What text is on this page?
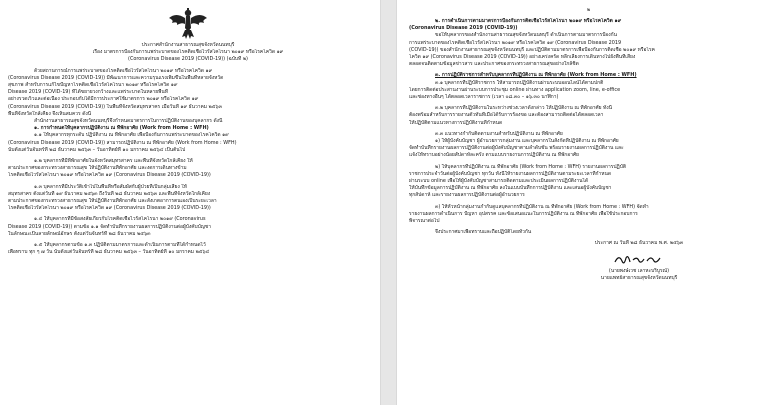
ประกาศสำนักงานสาธารณสุขจังหวัดนนทบุรี

เรื่อง มาตรการป้องกันการแพร่ระบาดของโรคติดเชื้อไวรัสโคโรนา ๒๐๑๙ หรือโรคโควิด ๑๙

(Coronavirus Disease 2019 (COVID-19)) (ฉบับที่ ๒)

ด้วยสถานการณ์การแพร่ระบาดของโรคติดเชื้อไวรัสโคโรนา ๒๐๑๙ หรือโรคโควิด ๑๙

(Coronavirus Disease 2019 (COVID-19)) มีพัฒนาการและความรุนแรงเพิ่มขึ้นในพื้นที่หลายจังหวัด

สุขภาพ สำหรับการแก้ไขปัญหาโรคติดเชื้อไวรัสโคโรนา ๒๐๑๙ หรือโรคโควิด ๑๙

Disease 2019 (COVID-19) ที่ได้ขยายวงกว้างและแพร่ระบาดในหลายพื้นที่

อย่างรวดเร็วและต่อเนื่อง ประกอบกับได้มีการประกาศใช้มาตรการ ๒๐๑๙ หรือโรคโควิด ๑๙

(Coronavirus Disease 2019 (COVID-19)) ในพื้นที่จังหวัดสมุทรสาคร เมื่อวันที่ ๑๙ ธันวาคม ๒๕๖๓

พื้นที่จังหวัดใกล้เคียง จึงเห็นสมควร ดังนี้

สำนักงานสาธารณสุขจังหวัดนนทบุรีจึงกำหนดมาตรการในการปฏิบัติงานของบุคลากร ดังนี้

๑. การกำหนดให้บุคลากรปฏิบัติงาน ณ ที่พักอาศัย (Work from Home : WFH)

๑.๑ ให้บุคลากรทุกระดับ ปฏิบัติงาน ณ ที่พักอาศัย เพื่อป้องกันการแพร่ระบาดของโรคโควิด ๑๙

(Coronavirus Disease 2019 (COVID-19)) สามารถปฏิบัติงาน ณ ที่พักอาศัย (Work from Home : WFH)

นับตั้งแต่วันจันทร์ที่ ๒๘ ธันวาคม ๒๕๖๓ – วันอาทิตย์ที่ ๑๐ มกราคม ๒๕๖๔ เป็นต้นไป

๑.๒ บุคลากรที่มีที่พักอาศัยในจังหวัดสมุทรสาคร และพื้นที่จังหวัดใกล้เคียง ให้

ตามประกาศของกระทรวงสาธารณสุข ให้ปฏิบัติงานที่พักอาศัย และงดการเดินทางข้าม

โรคติดเชื้อไวรัสโคโรนา ๒๐๑๙ หรือโรคโควิด ๑๙ (Coronavirus Disease 2019 (COVID-19))

๑.๓ บุคลากรที่มีประวัติเข้าไปในพื้นที่หรือสัมผัสกับผู้ป่วยที่เป็นกลุ่มเสี่ยง ให้

สมุทรสาคร ตั้งแต่วันที่ ๑๙ ธันวาคม ๒๕๖๓ ถึงวันที่ ๒๘ ธันวาคม ๒๕๖๓ และพื้นที่จังหวัดใกล้เคียง

ตามประกาศของกระทรวงสาธารณสุข ให้ปฏิบัติงานที่พักอาศัย และสังเกตอาการตนเองเป็นระยะเวลา

โรคติดเชื้อไวรัสโคโรนา ๒๐๑๙ หรือโรคโควิด ๑๙ (Coronavirus Disease 2019 (COVID-19))

๑.๔ ให้บุคลากรที่มีข้อสงสัยเกี่ยวกับโรคติดเชื้อไวรัสโคโรนา ๒๐๑๙ (Coronavirus

Disease 2019 (COVID-19)) ตามข้อ ๑.๑ จัดทำบันทึกรายงานผลการปฏิบัติงานต่อผู้บังคับบัญชา

ในลักษณะเป็นลายลักษณ์อักษร ตั้งแต่วันจันทร์ที่ ๒๘ ธันวาคม ๒๕๖๓

๑.๕ ให้บุคลากรตามข้อ ๑.๓ ปฏิบัติตามมาตรการและดำเนินการตามที่ได้กำหนดไว้

เพื่อทราบ ทุก ๆ ๗ วัน นับตั้งแต่วันจันทร์ที่ ๒๘ ธันวาคม ๒๕๖๓ – วันอาทิตย์ที่ ๑๐ มกราคม ๒๕๖๔

๒

๒. การดำเนินการตามมาตรการป้องกันการติดเชื้อไวรัสโคโรนา ๒๐๑๙ หรือโรคโควิด ๑๙

(Coronavirus Disease 2019 (COVID-19))

ขอให้บุคลากรของสำนักงานสาธารณสุขจังหวัดนนทบุรี ดำเนินการตามมาตรการป้องกัน

การแพร่ระบาดของโรคติดเชื้อไวรัสโคโรนา ๒๐๑๙ หรือโรคโควิด ๑๙ (Coronavirus Disease 2019

(COVID-19)) ของสำนักงานสาธารณสุขจังหวัดนนทบุรี และปฏิบัติตามมาตรการเพื่อป้องกันการติดเชื้อ ๒๐๑๙ หรือโรค

โควิด ๑๙ (Coronavirus Disease 2019 (COVID-19)) อย่างเคร่งครัด หลีกเลี่ยงการเดินทางไปยังพื้นที่เสี่ยง

ตลอดจนติดตามข้อมูลข่าวสาร และประกาศของกระทรวงสาธารณสุขอย่างใกล้ชิด

๓. การปฏิบัติราชการสำหรับบุคลากรที่ปฏิบัติงาน ณ ที่พักอาศัย (Work from Home : WFH)

๓.๑ บุคลากรที่ปฏิบัติราชการ ให้สามารถปฏิบัติงานผ่านระบบออนไลน์ได้ตามปกติ

โดยการติดต่อประสานงานผ่านระบบการประชุม online ผ่านทาง application zoom, line, e-office

และช่องทางอื่นๆ ได้ตลอดเวลาราชการ (เวลา ๐๘.๓๐ – ๑๖.๓๐ นาฬิกา)

๓.๒ บุคลากรที่ปฏิบัติงานในระหว่างช่วงเวลาดังกล่าว ให้ปฏิบัติงาน ณ ที่พักอาศัย ทั้งนี้

ต้องพร้อมสำหรับการรายงานตัวทันทีเมื่อได้รับการร้องขอ และต้องสามารถติดต่อได้ตลอดเวลา

ให้ปฏิบัติตามแนวทางการปฏิบัติงานที่กำหนด

๓.๓ แนวทางกำกับติดตามงานสำหรับปฏิบัติงาน ณ ที่พักอาศัย

๑) ให้ผู้บังคับบัญชา ผู้อำนวยการกลุ่มงาน และบุคลากรในสังกัดที่ปฏิบัติงาน ณ ที่พักอาศัย

จัดทำบันทึกรายงานผลการปฏิบัติงานต่อผู้บังคับบัญชาตามลำดับชั้น พร้อมรายงานผลการปฏิบัติงาน และ

แจ้งให้ทราบอย่างน้อยสัปดาห์ละครั้ง ตามแบบรายงานการปฏิบัติงาน ณ ที่พักอาศัย

๒) ให้บุคลากรที่ปฏิบัติงาน ณ ที่พักอาศัย (Work from Home : WFH) รายงานผลการปฏิบัติ

ราชการประจำวันต่อผู้บังคับบัญชา ทุกวัน ทั้งนี้ให้รายงานผลการปฏิบัติงานตามระยะเวลาที่กำหนด

ผ่านระบบ online เพื่อให้ผู้บังคับบัญชาสามารถติดตามและประเมินผลการปฏิบัติงานได้

ให้บันทึกข้อมูลการปฏิบัติงาน ณ ที่พักอาศัย ลงในแบบบันทึกการปฏิบัติงาน และเสนอผู้บังคับบัญชา

ทุกสัปดาห์ และรายงานผลการปฏิบัติงานต่อผู้อำนวยการ

๓) ให้หัวหน้ากลุ่มงานกำกับดูแลบุคลากรที่ปฏิบัติงาน ณ ที่พักอาศัย (Work from Home : WFH) จัดทำ

รายงานผลการดำเนินการ ปัญหา อุปสรรค และข้อเสนอแนะในการปฏิบัติงาน ณ ที่พักอาศัย เพื่อใช้ประกอบการ

พิจารณาต่อไป

จึงประกาศมาเพื่อทราบและถือปฏิบัติโดยทั่วกัน

ประกาศ ณ วันที่ ๒๘ ธันวาคม พ.ศ. ๒๕๖๓

(นายพงษ์เวช เลาหะบริบูรณ์)

นายแพทย์สาธารณสุขจังหวัดนนทบุรี
